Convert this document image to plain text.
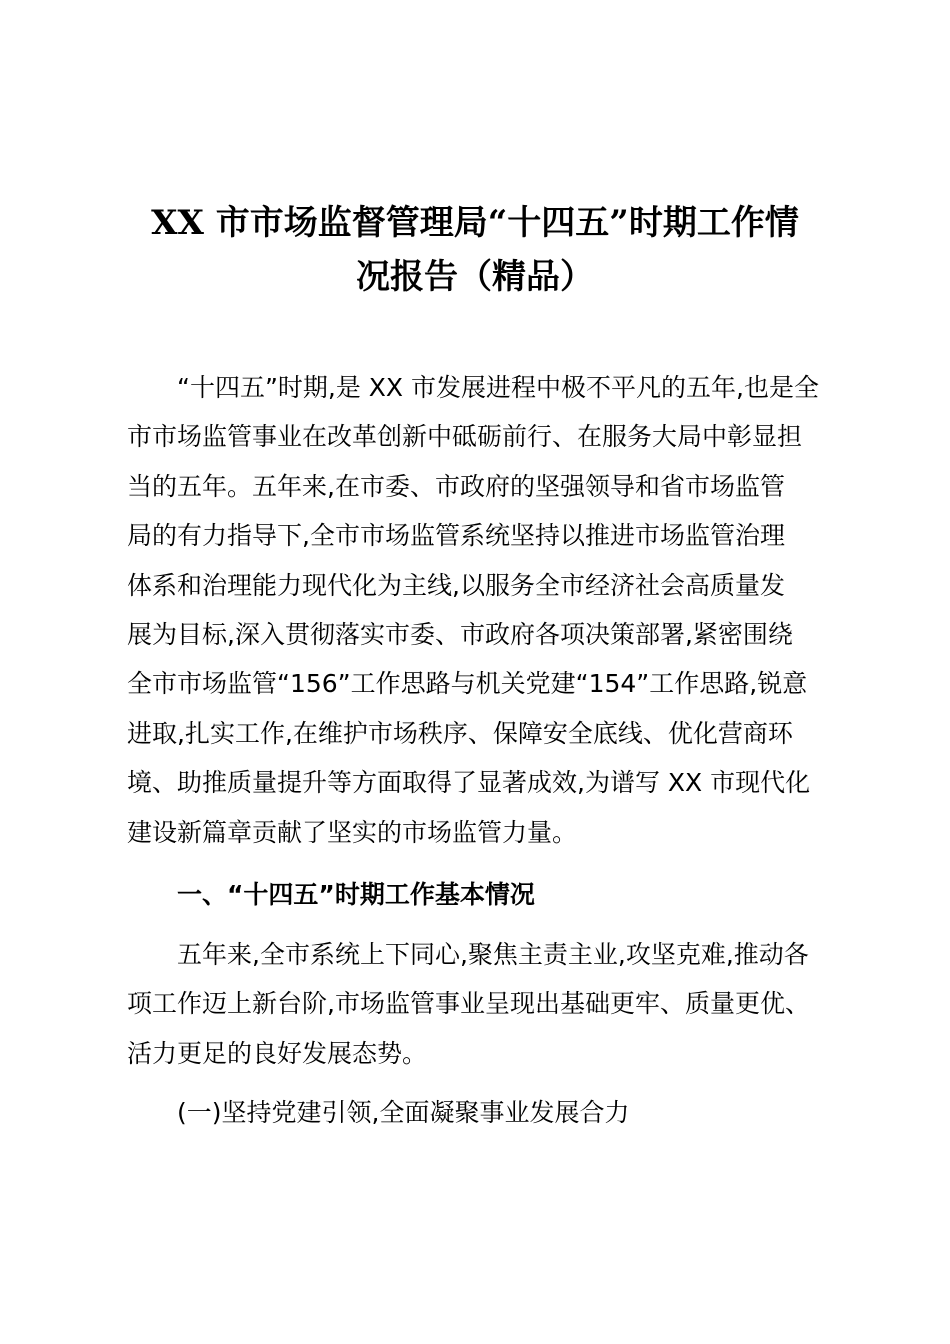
XX 市市场监督管理局“十四五”时期工作情
况报告（精品）
“十四五”时期,是 XX 市发展进程中极不平凡的五年,也是全
市市场监管事业在改革创新中砥砺前行、在服务大局中彰显担
当的五年。五年来,在市委、市政府的坚强领导和省市场监管
局的有力指导下,全市市场监管系统坚持以推进市场监管治理
体系和治理能力现代化为主线,以服务全市经济社会高质量发
展为目标,深入贯彻落实市委、市政府各项决策部署,紧密围绕
全市市场监管“156”工作思路与机关党建“154”工作思路,锐意
进取,扎实工作,在维护市场秩序、保障安全底线、优化营商环
境、助推质量提升等方面取得了显著成效,为谱写 XX 市现代化
建设新篇章贡献了坚实的市场监管力量。
一、“十四五”时期工作基本情况
五年来,全市系统上下同心,聚焦主责主业,攻坚克难,推动各
项工作迈上新台阶,市场监管事业呈现出基础更牢、质量更优、
活力更足的良好发展态势。
(一)坚持党建引领,全面凝聚事业发展合力
